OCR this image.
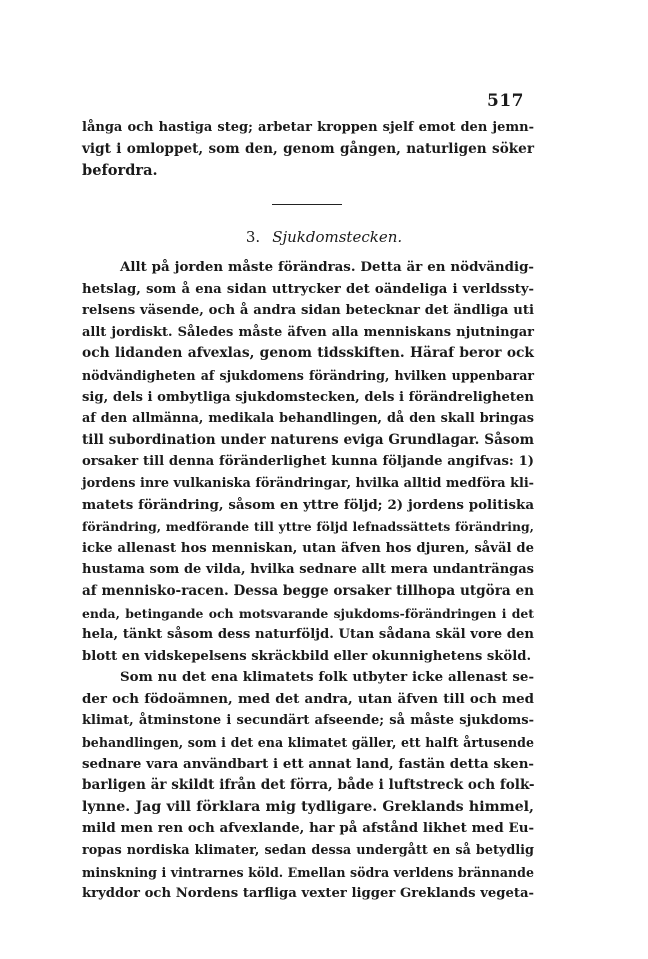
517
långa och hastiga steg; arbetar kroppen sjelf emot den jemn-
vigt i omloppet, som den, genom gången, naturligen söker
befordra.
3. Sjukdomstecken.
Allt på jorden måste förändras. Detta är en nödvändig-
hetslag, som å ena sidan uttrycker det oändeliga i verldssty-
relsens väsende, och å andra sidan betecknar det ändliga uti
allt jordiskt. Således måste äfven alla menniskans njutningar
och lidanden afvexlas, genom tidsskiften. Häraf beror ock
nödvändigheten af sjukdomens förändring, hvilken uppenbarar
sig, dels i ombytliga sjukdomstecken, dels i förändreligheten
af den allmänna, medikala behandlingen, då den skall bringas
till subordination under naturens eviga Grundlagar. Såsom
orsaker till denna föränderlighet kunna följande angifvas: 1)
jordens inre vulkaniska förändringar, hvilka alltid medföra kli-
matets förändring, såsom en yttre följd; 2) jordens politiska
förändring, medförande till yttre följd lefnadssättets förändring,
icke allenast hos menniskan, utan äfven hos djuren, såväl de
hustama som de vilda, hvilka sednare allt mera undanträngas
af mennisko-racen. Dessa begge orsaker tillhopa utgöra en
enda, betingande och motsvarande sjukdoms-förändringen i det
hela, tänkt såsom dess naturföljd. Utan sådana skäl vore den
blott en vidskepelsens skräckbild eller okunnighetens sköld.
Som nu det ena klimatets folk utbyter icke allenast se-
der och födoämnen, med det andra, utan äfven till och med
klimat, åtminstone i secundärt afseende; så måste sjukdoms-
behandlingen, som i det ena klimatet gäller, ett halft årtusende
sednare vara användbart i ett annat land, fastän detta sken-
barligen är skildt ifrån det förra, både i luftstreck och folk-
lynne. Jag vill förklara mig tydligare. Greklands himmel,
mild men ren och afvexlande, har på afstånd likhet med Eu-
ropas nordiska klimater, sedan dessa undergått en så betydlig
minskning i vintrarnes köld. Emellan södra verldens brännande
kryddor och Nordens tarfliga vexter ligger Greklands vegeta-
